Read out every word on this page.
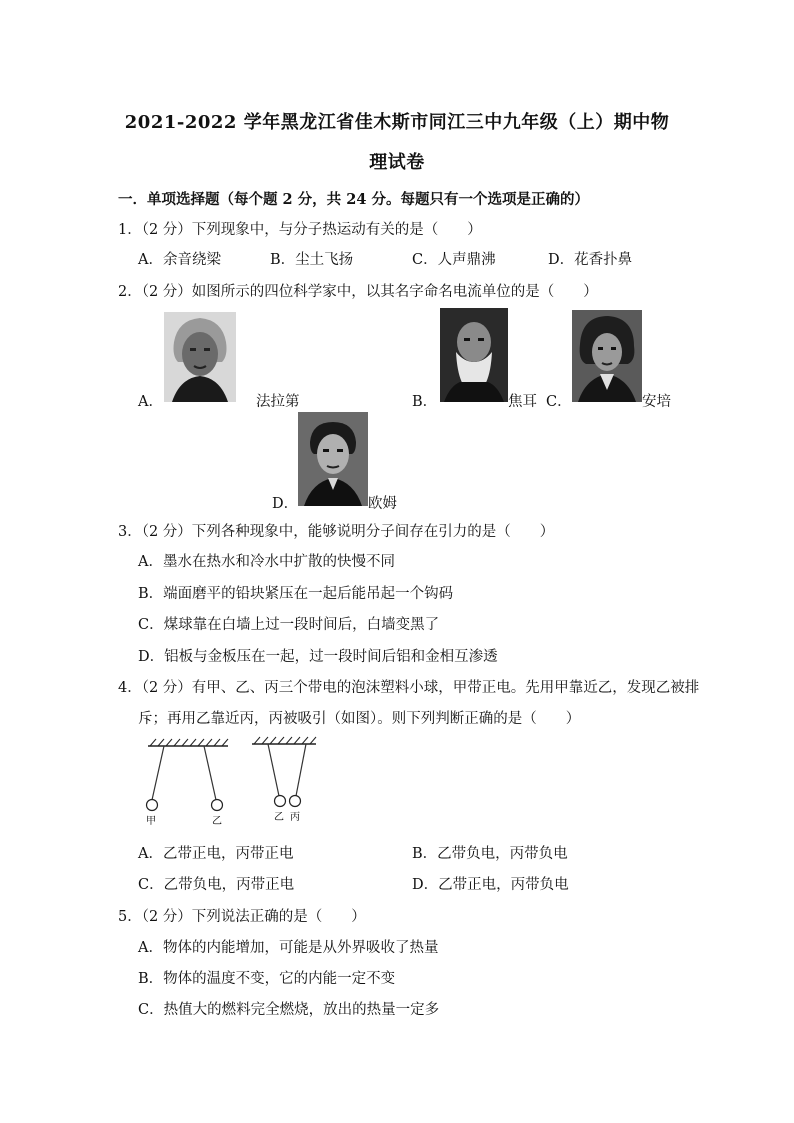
2021-2022 学年黑龙江省佳木斯市同江三中九年级（上）期中物
理试卷
一．单项选择题（每个题 2 分，共 24 分。每题只有一个选项是正确的）
1．（2 分）下列现象中，与分子热运动有关的是（　　）
A．余音绕梁	B．尘土飞扬	C．人声鼎沸	D．花香扑鼻
2．（2 分）如图所示的四位科学家中，以其名字命名电流单位的是（　　）
A．	法拉第	B．	焦耳 C．	安培
D．	欧姆
3．（2 分）下列各种现象中，能够说明分子间存在引力的是（　　）
A．墨水在热水和冷水中扩散的快慢不同
B．端面磨平的铅块紧压在一起后能吊起一个钩码
C．煤球靠在白墙上过一段时间后，白墙变黑了
D．铝板与金板压在一起，过一段时间后铝和金相互渗透
4．（2 分）有甲、乙、丙三个带电的泡沫塑料小球，甲带正电。先用甲靠近乙，发现乙被排
斥；再用乙靠近丙，丙被吸引（如图）。则下列判断正确的是（　　）
甲	乙	乙 丙
A．乙带正电，丙带正电	B．乙带负电，丙带负电
C．乙带负电，丙带正电	D．乙带正电，丙带负电
5．（2 分）下列说法正确的是（　　）
A．物体的内能增加，可能是从外界吸收了热量
B．物体的温度不变，它的内能一定不变
C．热值大的燃料完全燃烧，放出的热量一定多
